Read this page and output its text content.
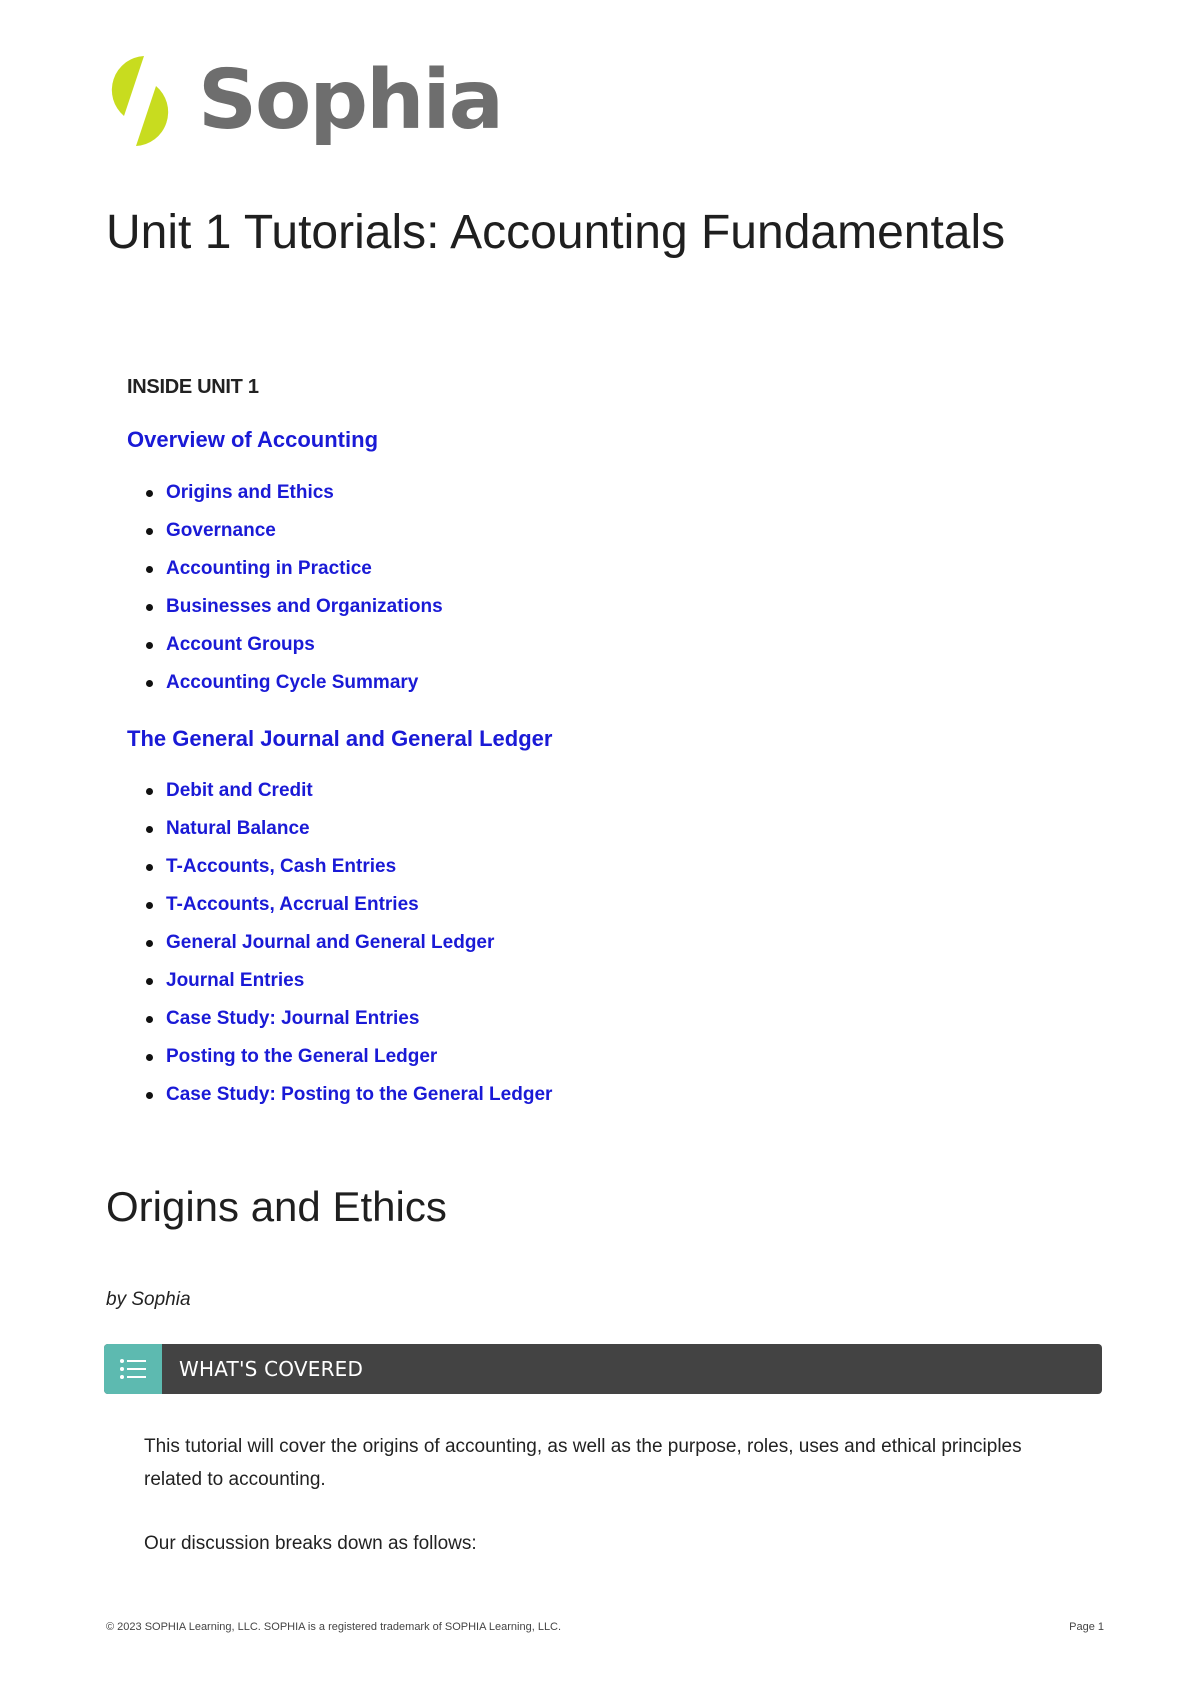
Sophia
Unit 1 Tutorials: Accounting Fundamentals
INSIDE UNIT 1
Overview of Accounting
Origins and Ethics
Governance
Accounting in Practice
Businesses and Organizations
Account Groups
Accounting Cycle Summary
The General Journal and General Ledger
Debit and Credit
Natural Balance
T-Accounts, Cash Entries
T-Accounts, Accrual Entries
General Journal and General Ledger
Journal Entries
Case Study: Journal Entries
Posting to the General Ledger
Case Study: Posting to the General Ledger
Origins and Ethics
by Sophia
WHAT'S COVERED

This tutorial will cover the origins of accounting, as well as the purpose, roles, uses and ethical principles related to accounting.

Our discussion breaks down as follows:

© 2023 SOPHIA Learning, LLC. SOPHIA is a registered trademark of SOPHIA Learning, LLC.	Page 1
